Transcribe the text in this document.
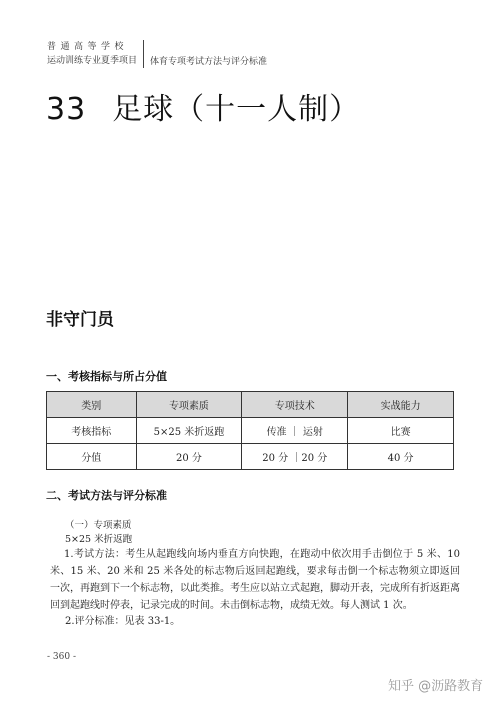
普通高等学校
运动训练专业夏季项目	体育专项考试方法与评分标准
33 足球（十一人制）
非守门员
一、考核指标与所占分值
类别	专项素质	专项技术	实战能力
考核指标	5×25 米折返跑	传准 ｜ 运射	比赛
分值	20 分	20 分 ｜20 分	40 分
二、考试方法与评分标准
（一）专项素质
5×25 米折返跑
1.考试方法：考生从起跑线向场内垂直方向快跑，在跑动中依次用手击倒位于 5 米、10 米、15 米、20 米和 25 米各处的标志物后返回起跑线，要求每击倒一个标志物须立即返回一次，再跑到下一个标志物，以此类推。考生应以站立式起跑，脚动开表，完成所有折返距离回到起跑线时停表，记录完成的时间。未击倒标志物，成绩无效。每人测试 1 次。
2.评分标准：见表 33-1。
- 360 -
知乎 @沥路教育
